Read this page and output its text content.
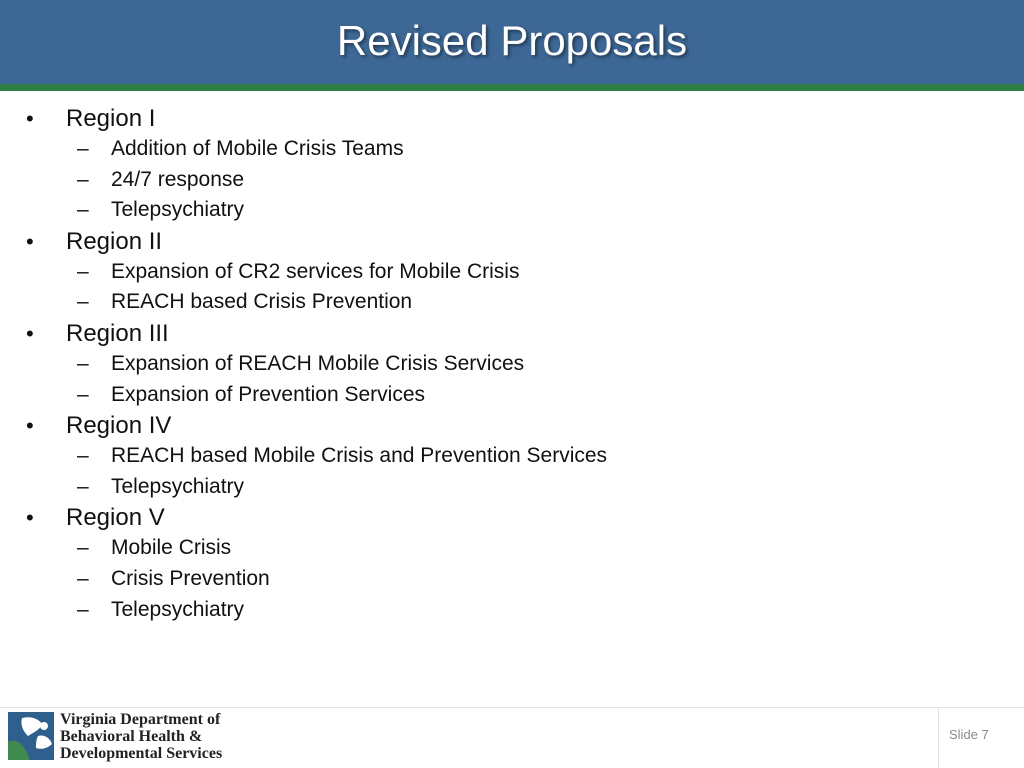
Revised Proposals
• Region I
– Addition of Mobile Crisis Teams
– 24/7 response
– Telepsychiatry
• Region II
– Expansion of CR2 services for Mobile Crisis
– REACH based Crisis Prevention
• Region III
– Expansion of REACH Mobile Crisis Services
– Expansion of Prevention Services
• Region IV
– REACH based Mobile Crisis and Prevention Services
– Telepsychiatry
• Region V
– Mobile Crisis
– Crisis Prevention
– Telepsychiatry
Virginia Department of
Behavioral Health &
Developmental Services
Slide 7
